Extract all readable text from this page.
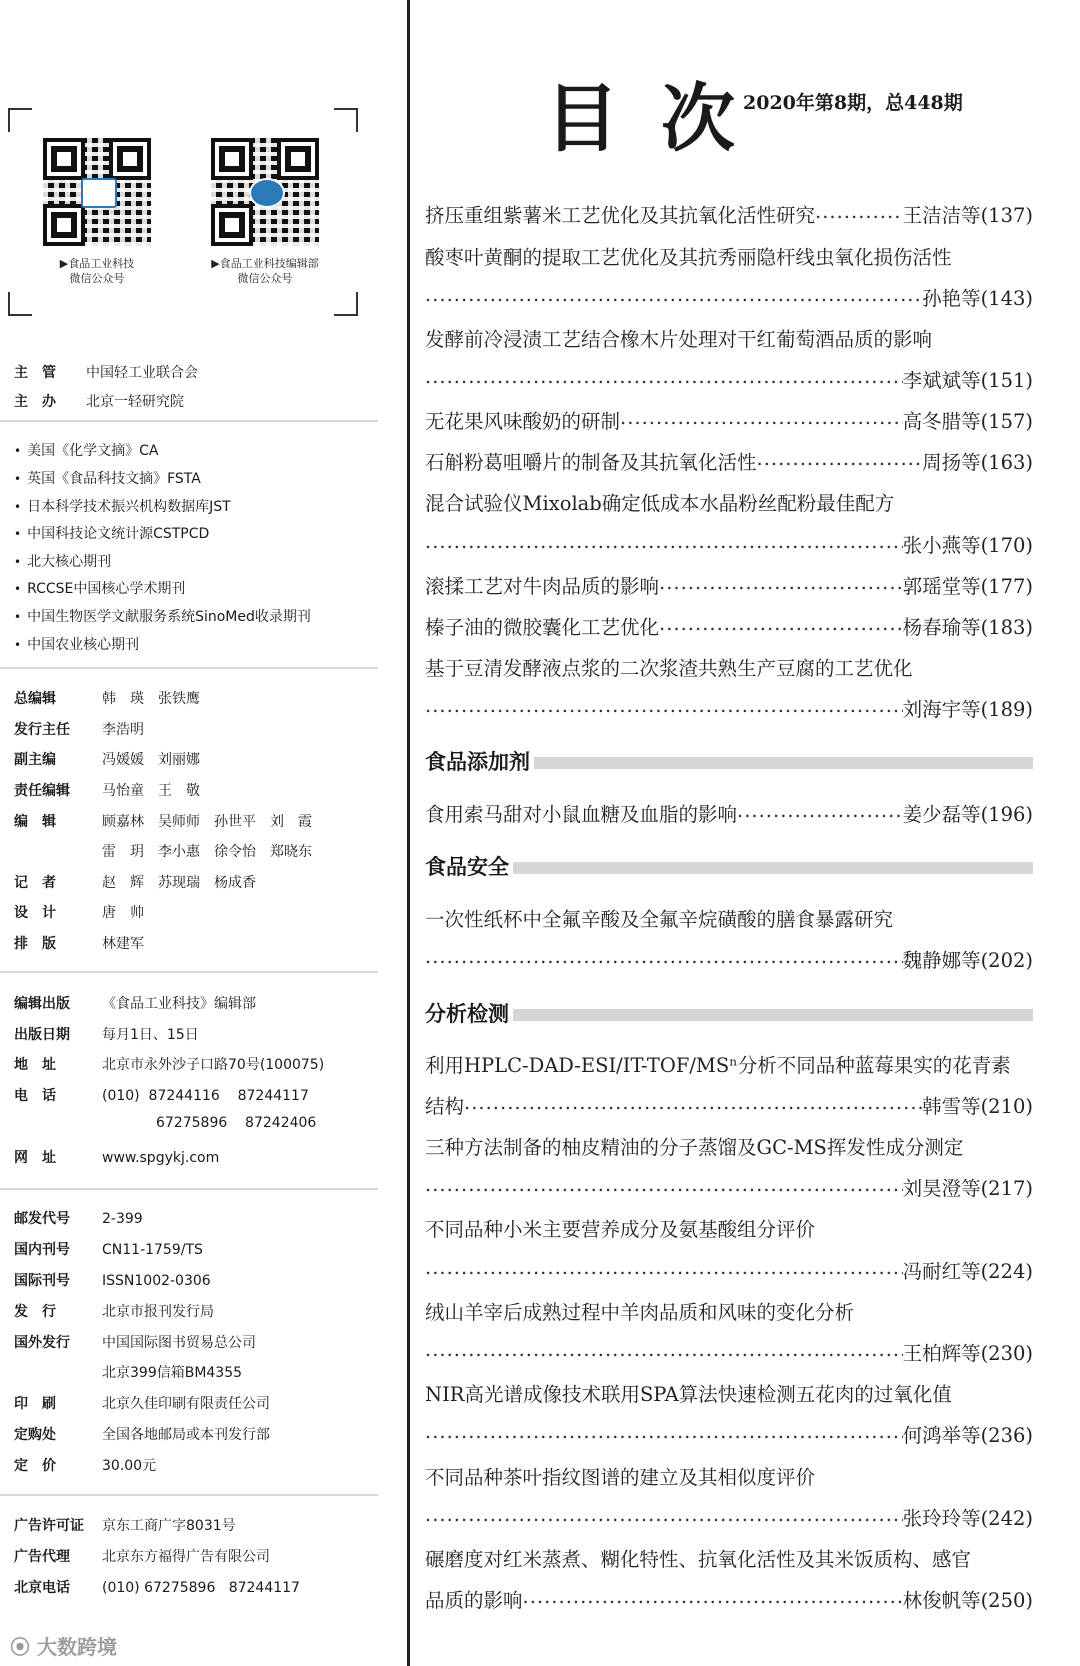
▶食品工业科技
微信公众号
▶食品工业科技编辑部
微信公众号
主　管 中国轻工业联合会
主　办 北京一轻研究院
• 美国《化学文摘》CA
• 英国《食品科技文摘》FSTA
• 日本科学技术振兴机构数据库JST
• 中国科技论文统计源CSTPCD
• 北大核心期刊
• RCCSE中国核心学术期刊
• 中国生物医学文献服务系统SinoMed收录期刊
• 中国农业核心期刊
总编辑	韩　瑛　张铁鹰
发行主任 李浩明
副主编	冯媛媛　刘丽娜
责任编辑 马怡童　王　敬
编　辑	顾嘉林　吴师师　孙世平　刘　霞
雷　玥　李小惠　徐令怡　郑晓东
记　者	赵　辉　苏现瑞　杨成香
设　计	唐　帅
排　版	林建军
编辑出版 《食品工业科技》编辑部
出版日期 每月1日、15日
地　址	北京市永外沙子口路70号(100075)
电　话	(010)  87244116    87244117
67275896    87242406
网　址	www.spgykj.com
邮发代号 2-399
国内刊号 CN11-1759/TS
国际刊号 ISSN1002-0306
发　行	北京市报刊发行局
国外发行 中国国际图书贸易总公司
北京399信箱BM4355
印　刷	北京久佳印刷有限责任公司
定购处	全国各地邮局或本刊发行部
定　价	30.00元
广告许可证 京东工商广字8031号
广告代理 北京东方福得广告有限公司
北京电话 (010) 67275896   87244117
⦿ 大数跨境
目次
2020年第8期，总448期
挤压重组紫薯米工艺优化及其抗氧化活性研究 .....	王洁洁等(137)
酸枣叶黄酮的提取工艺优化及其抗秀丽隐杆线虫氧化损伤活性
.....
孙艳等(143)
发酵前冷浸渍工艺结合橡木片处理对干红葡萄酒品质的影响
.....
李斌斌等(151)
无花果风味酸奶的研制 .....	高冬腊等(157)
石斛粉葛咀嚼片的制备及其抗氧化活性 .....	周扬等(163)
混合试验仪Mixolab确定低成本水晶粉丝配粉最佳配方
.....
张小燕等(170)
滚揉工艺对牛肉品质的影响 .....	郭瑶堂等(177)
榛子油的微胶囊化工艺优化 .....	杨春瑜等(183)
基于豆清发酵液点浆的二次浆渣共熟生产豆腐的工艺优化
.....
刘海宇等(189)
食品添加剂
食用索马甜对小鼠血糖及血脂的影响 .....	姜少磊等(196)
食品安全
一次性纸杯中全氟辛酸及全氟辛烷磺酸的膳食暴露研究
.....
魏静娜等(202)
分析检测
利用HPLC-DAD-ESI/IT-TOF/MSⁿ分析不同品种蓝莓果实的花青素
结构 .....	韩雪等(210)
三种方法制备的柚皮精油的分子蒸馏及GC-MS挥发性成分测定
.....
刘昊澄等(217)
不同品种小米主要营养成分及氨基酸组分评价
.....
冯耐红等(224)
绒山羊宰后成熟过程中羊肉品质和风味的变化分析
.....
王柏辉等(230)
NIR高光谱成像技术联用SPA算法快速检测五花肉的过氧化值
.....
何鸿举等(236)
不同品种茶叶指纹图谱的建立及其相似度评价
.....
张玲玲等(242)
碾磨度对红米蒸煮、糊化特性、抗氧化活性及其米饭质构、感官
品质的影响 .....	林俊帆等(250)
